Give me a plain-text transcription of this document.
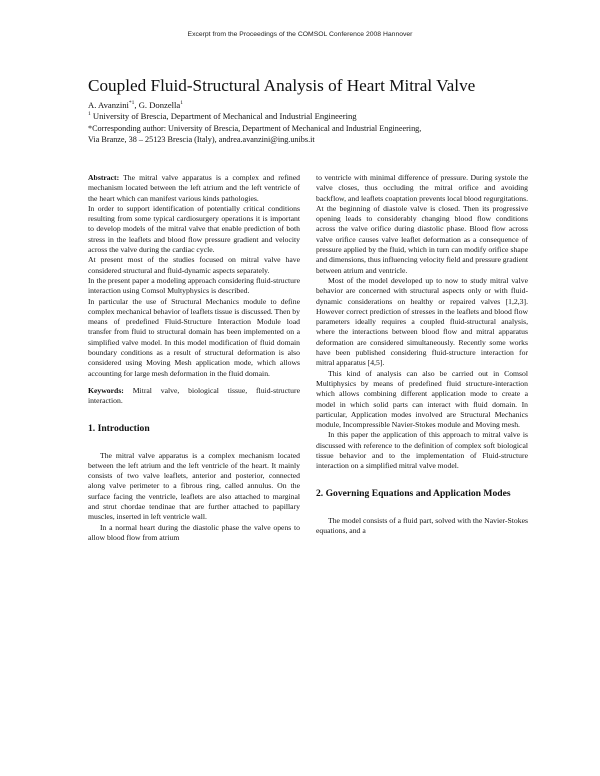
Excerpt from the Proceedings of the COMSOL Conference 2008 Hannover
Coupled Fluid-Structural Analysis of Heart Mitral Valve
A. Avanzini$^{*1}$, G. Donzella$^1$
$^1$ University of Brescia, Department of Mechanical and Industrial Engineering
*Corresponding author: University of Brescia, Department of Mechanical and Industrial Engineering,
Via Branze, 38 – 25123 Brescia (Italy), andrea.avanzini@ing.unibs.it

Abstract: The mitral valve apparatus is a complex and refined mechanism located between the left atrium and the left ventricle of the heart which can manifest various kinds pathologies.

In order to support identification of potentially critical conditions resulting from some typical cardiosurgery operations it is important to develop models of the mitral valve that enable prediction of both stress in the leaflets and blood flow pressure gradient and velocity across the valve during the cardiac cycle.

At present most of the studies focused on mitral valve have considered structural and fluid-dynamic aspects separately.

In the present paper a modeling approach considering fluid-structure interaction using Comsol Multyphysics is described.

In particular the use of Structural Mechanics module to define complex mechanical behavior of leaflets tissue is discussed. Then by means of predefined Fluid-Structure Interaction Module load transfer from fluid to structural domain has been implemented on a simplified valve model. In this model modification of fluid domain boundary conditions as a result of structural deformation is also considered using Moving Mesh application mode, which allows accounting for large mesh deformation in the fluid domain.

Keywords: Mitral valve, biological tissue, fluid-structure interaction.

1. Introduction

The mitral valve apparatus is a complex mechanism located between the left atrium and the left ventricle of the heart. It mainly consists of two valve leaflets, anterior and posterior, connected along valve perimeter to a fibrous ring, called annulus. On the surface facing the ventricle, leaflets are also attached to marginal and strut chordae tendinae that are further attached to papillary muscles, inserted in left ventricle wall.

In a normal heart during the diastolic phase the valve opens to allow blood flow from atrium

to ventricle with minimal difference of pressure. During systole the valve closes, thus occluding the mitral orifice and avoiding backflow, and leaflets coaptation prevents local blood regurgitations. At the beginning of diastole valve is closed. Then its progressive opening leads to considerably changing blood flow conditions across the valve orifice during diastolic phase. Blood flow across valve orifice causes valve leaflet deformation as a consequence of pressure applied by the fluid, which in turn can modify orifice shape and dimensions, thus influencing velocity field and pressure gradient between atrium and ventricle.

Most of the model developed up to now to study mitral valve behavior are concerned with structural aspects only or with fluid-dynamic considerations on healthy or repaired valves [1,2,3]. However correct prediction of stresses in the leaflets and blood flow parameters ideally requires a coupled fluid-structural analysis, where the interactions between blood flow and mitral apparatus deformation are considered simultaneously. Recently some works have been published considering fluid-structure interaction for mitral apparatus [4,5].

This kind of analysis can also be carried out in Comsol Multiphysics by means of predefined fluid structure-interaction which allows combining different application mode to create a model in which solid parts can interact with fluid domain. In particular, Application modes involved are Structural Mechanics module, Incompressible Navier-Stokes module and Moving mesh.

In this paper the application of this approach to mitral valve is discussed with reference to the definition of complex soft biological tissue behavior and to the implementation of Fluid-structure interaction on a simplified mitral valve model.

2. Governing Equations and Application Modes

The model consists of a fluid part, solved with the Navier-Stokes equations, and a
